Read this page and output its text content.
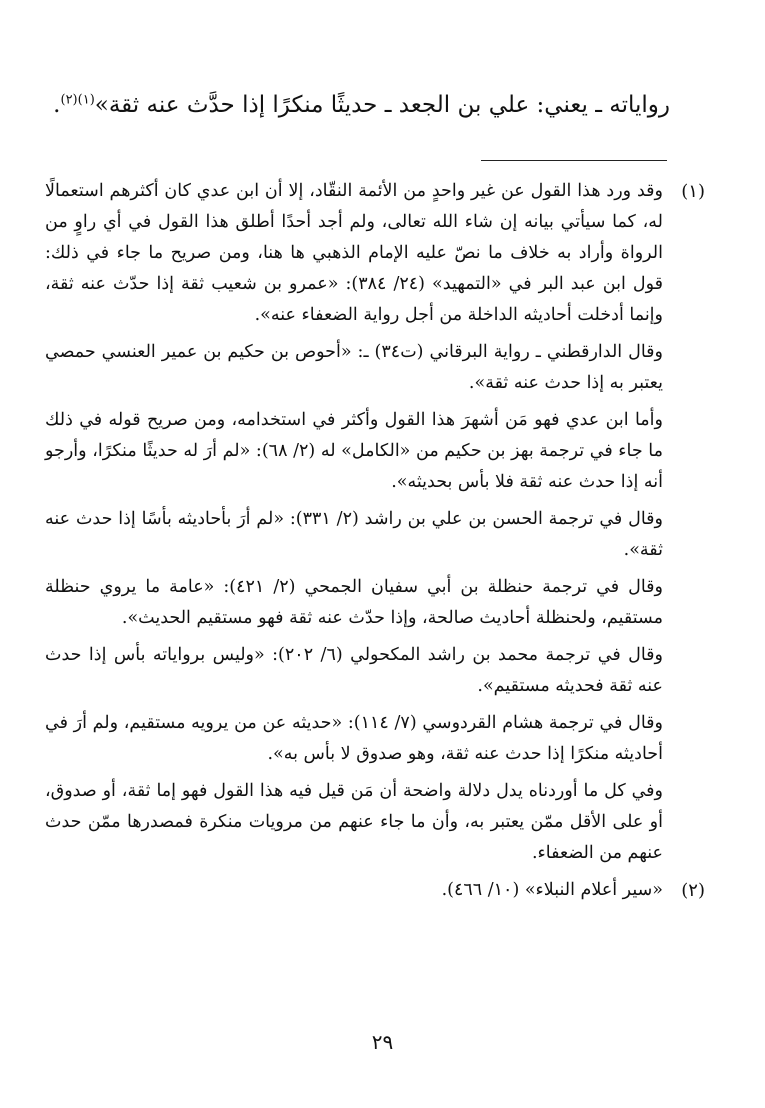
رواياته ـ يعني: علي بن الجعد ـ حديثًا منكرًا إذا حدَّث عنه ثقة»$^{(١)(٢)}$.
(١)

وقد ورد هذا القول عن غير واحدٍ من الأئمة النقّاد، إلا أن ابن عدي كان أكثرهم استعمالًا له، كما سيأتي بيانه إن شاء الله تعالى، ولم أجد أحدًا أطلق هذا القول في أي راوٍ من الرواة وأراد به خلاف ما نصّ عليه الإمام الذهبي ها هنا، ومن صريح ما جاء في ذلك: قول ابن عبد البر في «التمهيد» (٢٤/ ٣٨٤): «عمرو بن شعيب ثقة إذا حدّث عنه ثقة، وإنما أدخلت أحاديثه الداخلة من أجل رواية الضعفاء عنه».

وقال الدارقطني ـ رواية البرقاني (ت٣٤) ـ: «أحوص بن حكيم بن عمير العنسي حمصي يعتبر به إذا حدث عنه ثقة».

وأما ابن عدي فهو مَن أشهرَ هذا القول وأكثر في استخدامه، ومن صريح قوله في ذلك ما جاء في ترجمة بهز بن حكيم من «الكامل» له (٢/ ٦٨): «لم أرَ له حديثًا منكرًا، وأرجو أنه إذا حدث عنه ثقة فلا بأس بحديثه».

وقال في ترجمة الحسن بن علي بن راشد (٢/ ٣٣١): «لم أرَ بأحاديثه بأسًا إذا حدث عنه ثقة».

وقال في ترجمة حنظلة بن أبي سفيان الجمحي (٢/ ٤٢١): «عامة ما يروي حنظلة مستقيم، ولحنظلة أحاديث صالحة، وإذا حدّث عنه ثقة فهو مستقيم الحديث».

وقال في ترجمة محمد بن راشد المكحولي (٦/ ٢٠٢): «وليس برواياته بأس إذا حدث عنه ثقة فحديثه مستقيم».

وقال في ترجمة هشام القردوسي (٧/ ١١٤): «حديثه عن من يرويه مستقيم، ولم أرَ في أحاديثه منكرًا إذا حدث عنه ثقة، وهو صدوق لا بأس به».

وفي كل ما أوردناه يدل دلالة واضحة أن مَن قيل فيه هذا القول فهو إما ثقة، أو صدوق، أو على الأقل ممّن يعتبر به، وأن ما جاء عنهم من مرويات منكرة فمصدرها ممّن حدث عنهم من الضعفاء.

(٢)

«سير أعلام النبلاء» (١٠/ ٤٦٦).

٢٩
